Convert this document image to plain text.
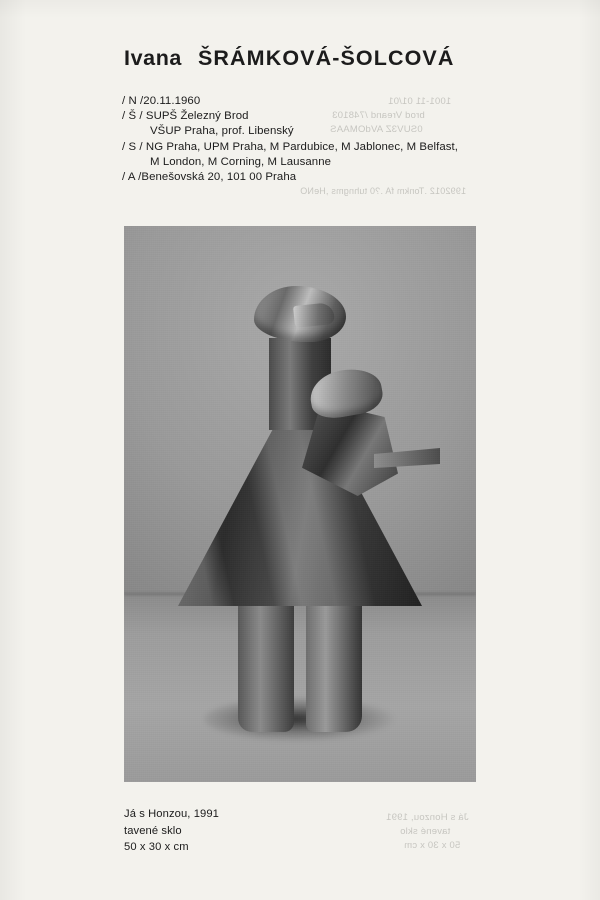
1001-11 01/01
brod Vreand /748103
0SUV3Z AVdOMAAS
1992012 .Tonkm fA .?0 tuhngms ,HeNO
Já s Honzou, 1991
tavené sklo
50 x 30 x cm
Ivana ŠRÁMKOVÁ-ŠOLCOVÁ
/ N /20.11.1960
/ Š / SUPŠ Železný Brod
VŠUP Praha, prof. Libenský
/ S / NG Praha, UPM Praha, M Pardubice, M Jablonec, M Belfast,
M London, M Corning, M Lausanne
/ A /Benešovská 20, 101 00 Praha
Já s Honzou, 1991
tavené sklo
50 x 30 x cm
